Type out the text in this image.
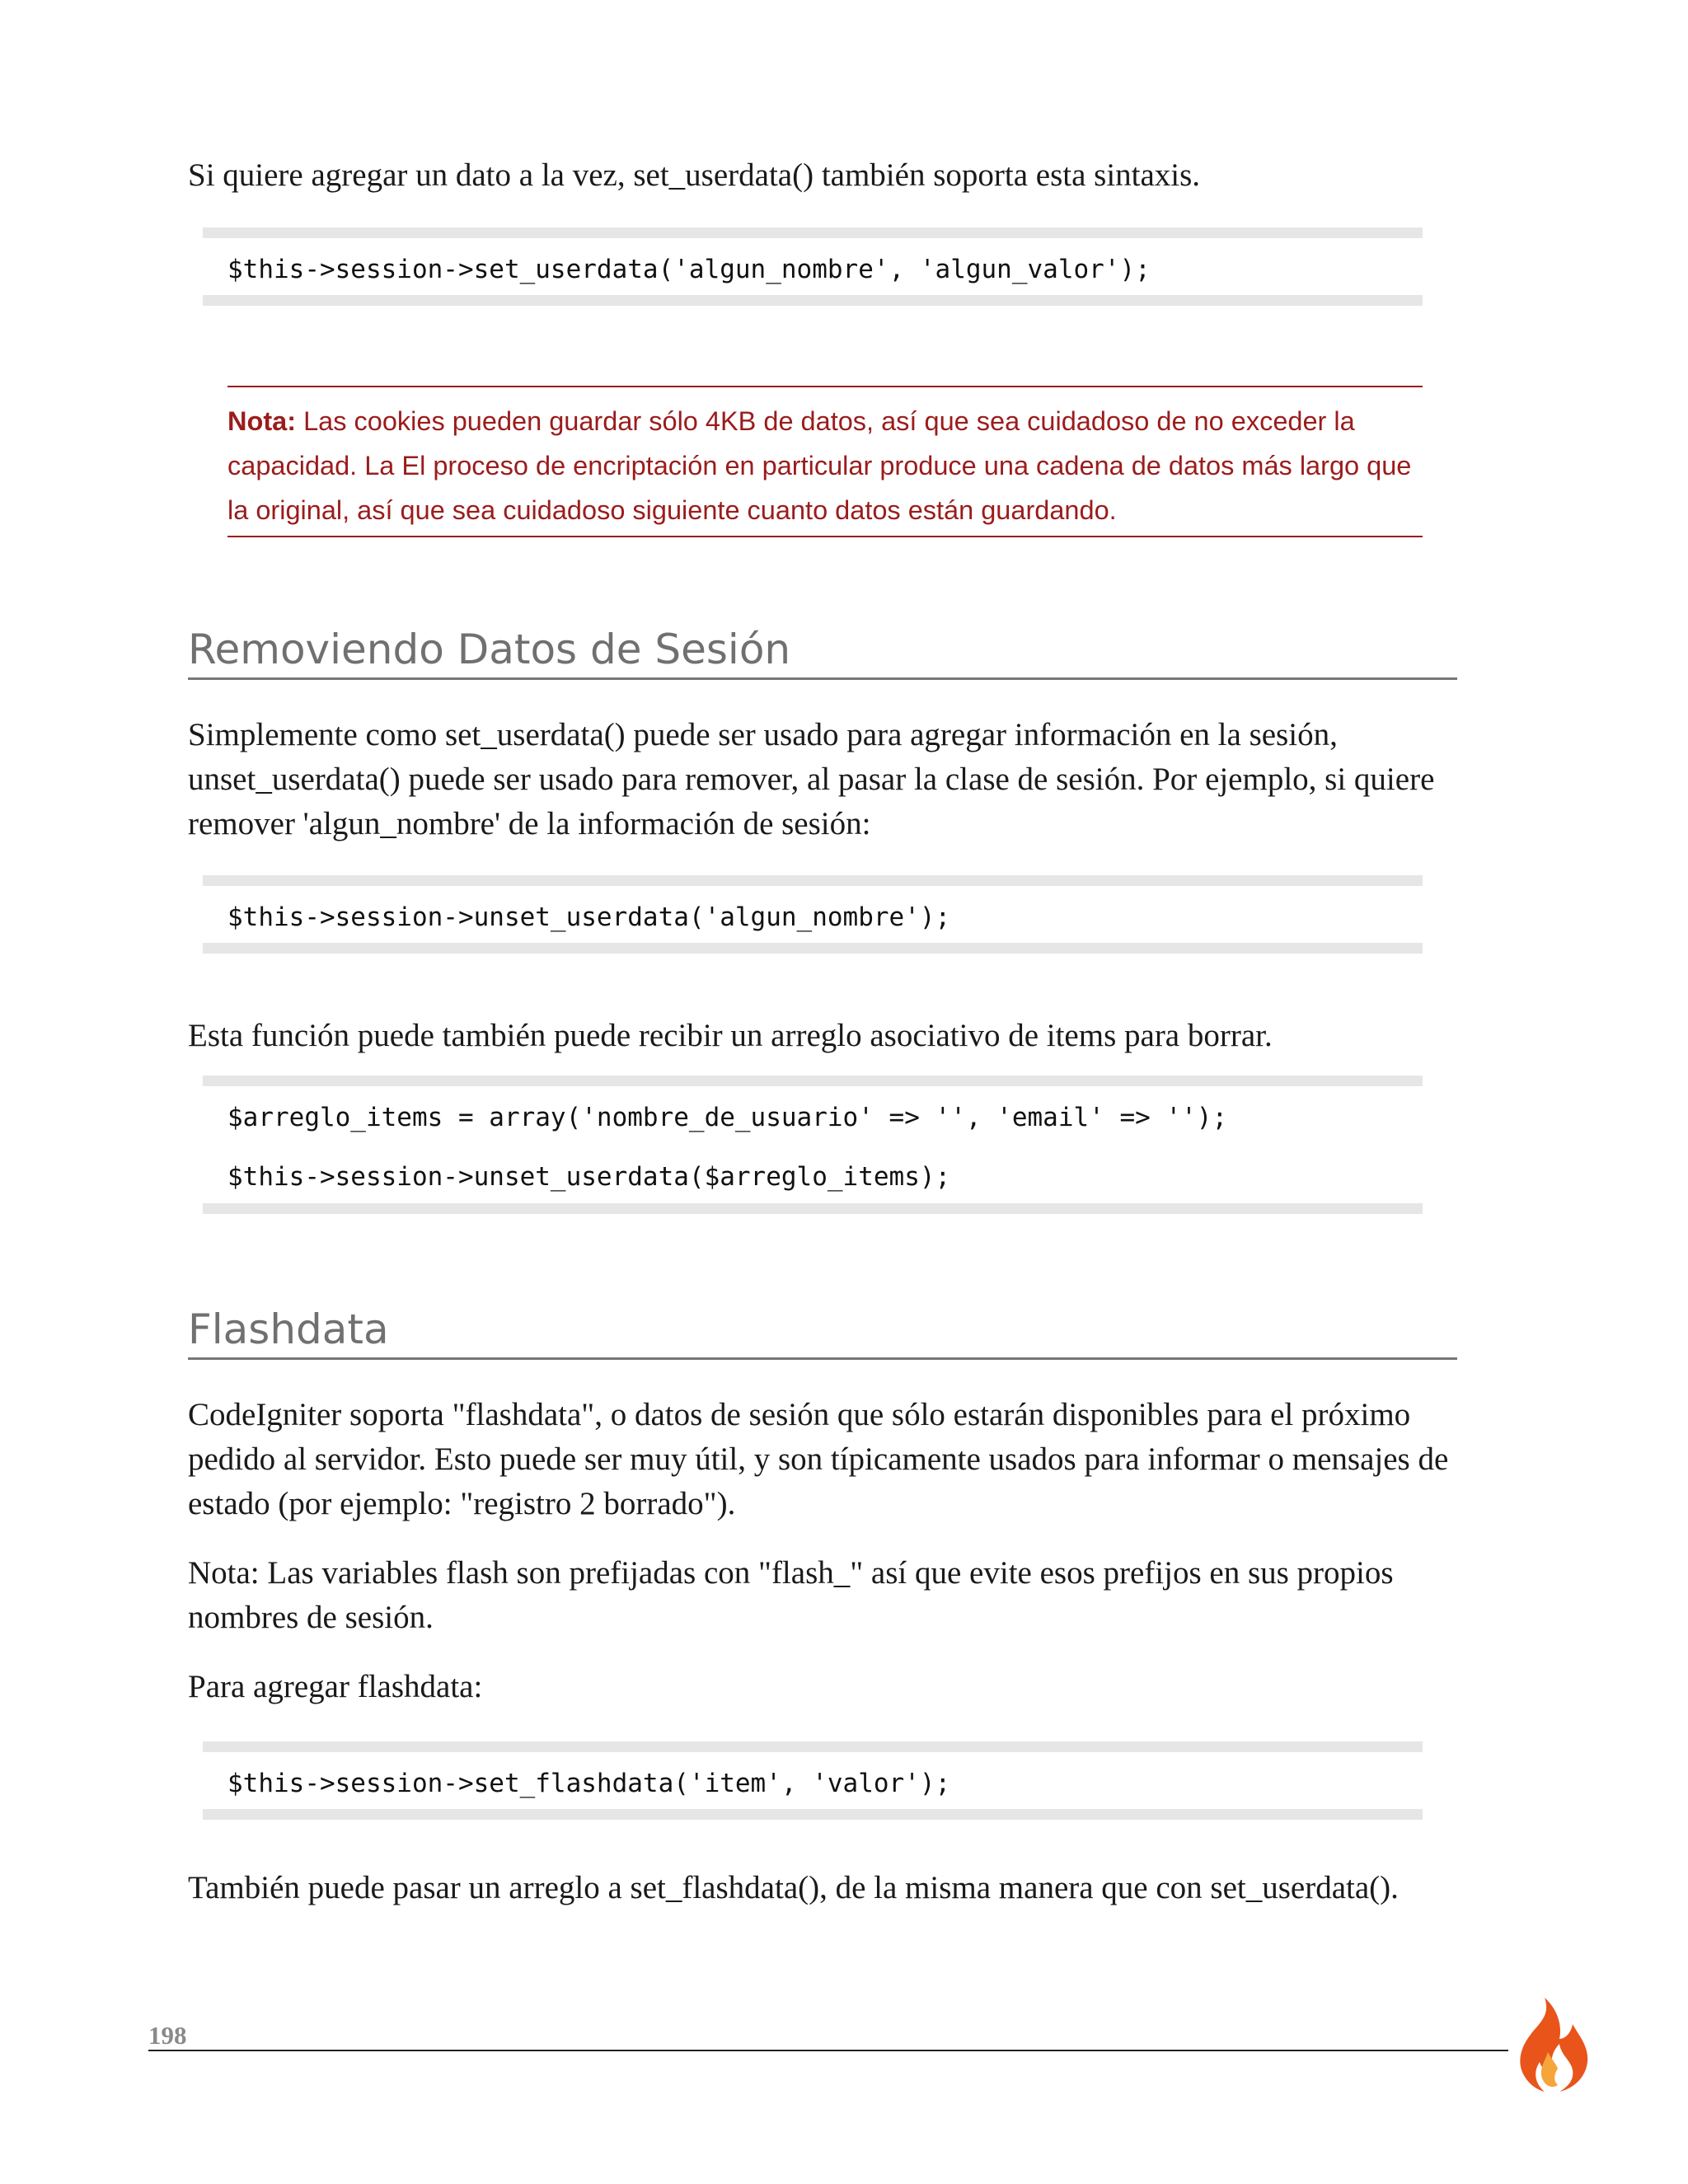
Si quiere agregar un dato a la vez, set_userdata() también soporta esta sintaxis.

$this->session->set_userdata('algun_nombre', 'algun_valor');

Nota: Las cookies pueden guardar sólo 4KB de datos, así que sea cuidadoso de no exceder la capacidad. La El proceso de encriptación en particular produce una cadena de datos más largo que la original, así que sea cuidadoso siguiente cuanto datos están guardando.

Removiendo Datos de Sesión

Simplemente como set_userdata() puede ser usado para agregar información en la sesión, unset_userdata() puede ser usado para remover, al pasar la clase de sesión. Por ejemplo, si quiere remover 'algun_nombre' de la información de sesión:

$this->session->unset_userdata('algun_nombre');

Esta función puede también puede recibir un arreglo asociativo de items para borrar.

$arreglo_items = array('nombre_de_usuario' => '', 'email' => '');

$this->session->unset_userdata($arreglo_items);

Flashdata

CodeIgniter soporta "flashdata", o datos de sesión que sólo estarán disponibles para el próximo pedido al servidor. Esto puede ser muy útil, y son típicamente usados para informar o mensajes de estado (por ejemplo: "registro 2 borrado").

Nota: Las variables flash son prefijadas con "flash_" así que evite esos prefijos en sus propios nombres de sesión.

Para agregar flashdata:

$this->session->set_flashdata('item', 'valor');

También puede pasar un arreglo a set_flashdata(), de la misma manera que con set_userdata().

198
